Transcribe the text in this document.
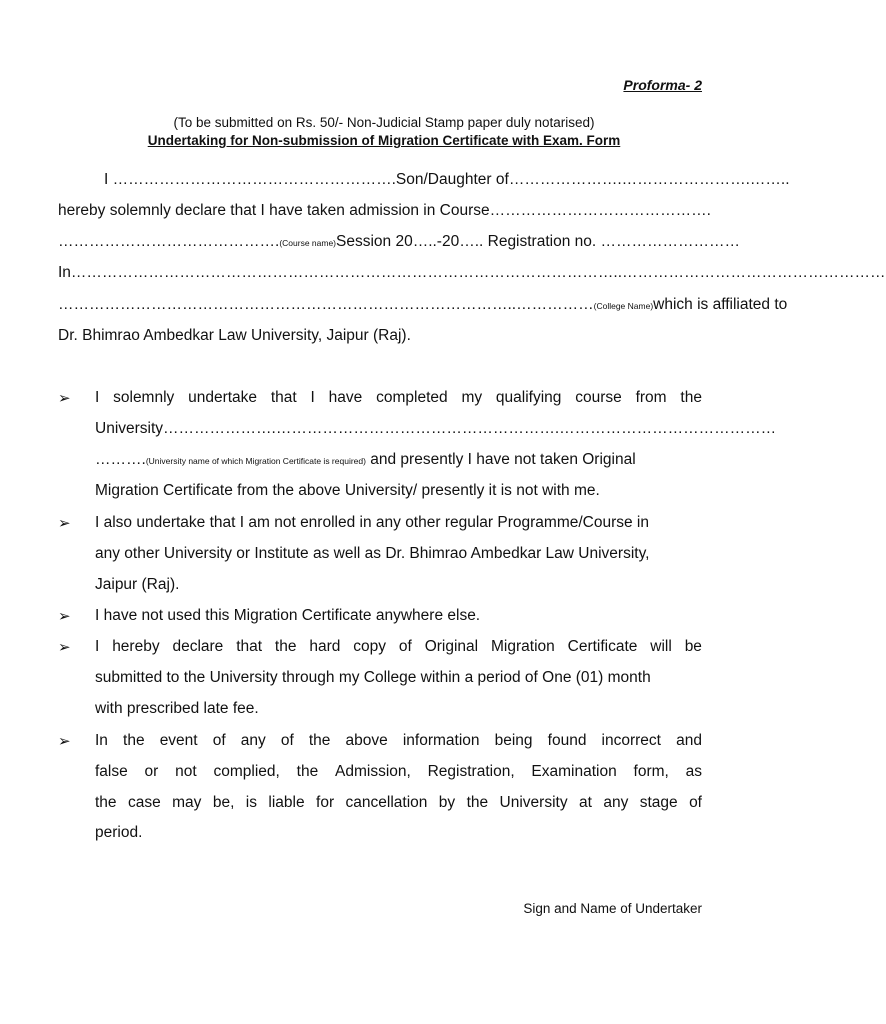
Proforma- 2
(To be submitted on Rs. 50/- Non-Judicial Stamp paper duly notarised)
Undertaking for Non-submission of Migration Certificate with Exam. Form
I ……………………………………………….Son/Daughter of ………………….…………………….……..
hereby solemnly declare that I have taken admission in Course…………………………………….
…………………………………….(Course name) Session 20…..-20….. Registration no. ………………………
In……………………………………………………………………………………………..……………………………………………
……………………………………………………………………………..……………(College Name) which is affiliated to
Dr. Bhimrao Ambedkar Law University, Jaipur (Raj).
➢ I solemnly undertake that I have completed my qualifying course from the
University………………….……………………………………………….……………………………………
……….(University name of which Migration Certificate is required) and presently I have not taken Original
Migration Certificate from the above University/ presently it is not with me.
➢ I also undertake that I am not enrolled in any other regular Programme/Course in
any other University or Institute as well as Dr. Bhimrao Ambedkar Law University,
Jaipur (Raj).
➢ I have not used this Migration Certificate anywhere else.
➢ I hereby declare that the hard copy of Original Migration Certificate will be
submitted to the University through my College within a period of One (01) month
with prescribed late fee.
➢ In the event of any of the above information being found incorrect and
false or not complied, the Admission, Registration, Examination form, as
the case may be, is liable for cancellation by the University at any stage of
period.
Sign and Name of Undertaker
